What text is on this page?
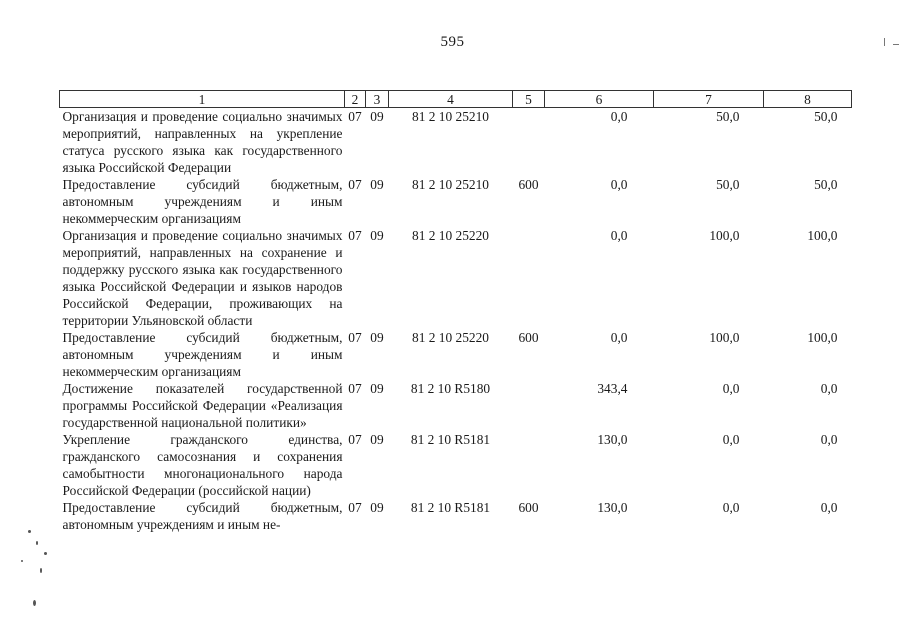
595
1	2	3	4	5	6	7	8
Организация и проведение социально значимых мероприятий, направленных на укрепление статуса русского языка как государственного языка Российской Федерации	07	09	81 2 10 25210		0,0	50,0	50,0
Предоставление субсидий бюджетным, автономным учреждениям и иным некоммерческим организациям	07	09	81 2 10 25210	600	0,0	50,0	50,0
Организация и проведение социально значимых мероприятий, направленных на сохранение и поддержку русского языка как государственного языка Российской Федерации и языков народов Российской Федерации, проживающих на территории Ульяновской области	07	09	81 2 10 25220		0,0	100,0	100,0
Предоставление субсидий бюджетным, автономным учреждениям и иным некоммерческим организациям	07	09	81 2 10 25220	600	0,0	100,0	100,0
Достижение показателей государственной программы Российской Федерации «Реализация государственной национальной политики»	07	09	81 2 10 R5180		343,4	0,0	0,0
Укрепление гражданского единства, гражданского самосознания и сохранения самобытности многонационального народа Российской Федерации (российской нации)	07	09	81 2 10 R5181		130,0	0,0	0,0
Предоставление субсидий бюджетным, автономным учреждениям и иным не-	07	09	81 2 10 R5181	600	130,0	0,0	0,0
